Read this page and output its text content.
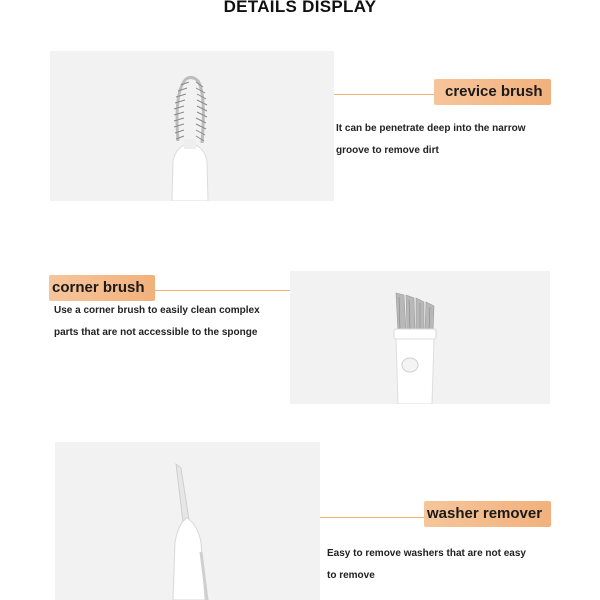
DETAILS DISPLAY
crevice brush
It can be penetrate deep into the narrow
groove to remove dirt
corner brush
Use a corner brush to easily clean complex
parts that are not accessible to the sponge
washer remover
Easy to remove washers that are not easy
to remove
